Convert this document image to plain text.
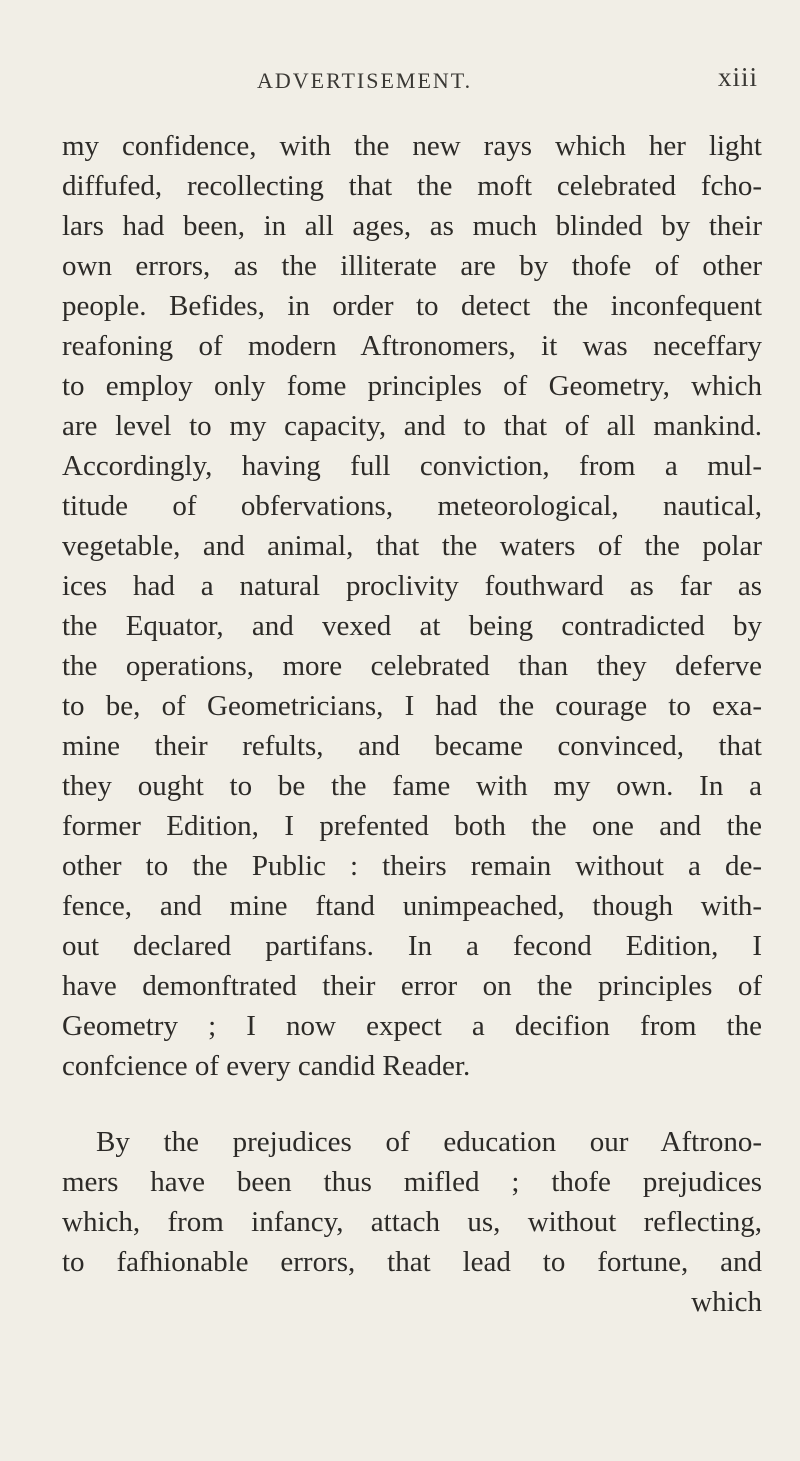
ADVERTISEMENT.	xiii
my confidence, with the new rays which her light
diffufed, recollecting that the moft celebrated fcho-
lars had been, in all ages, as much blinded by their
own errors, as the illiterate are by thofe of other
people. Befides, in order to detect the inconfequent
reafoning of modern Aftronomers, it was neceffary
to employ only fome principles of Geometry, which
are level to my capacity, and to that of all mankind.
Accordingly, having full conviction, from a mul-
titude of obfervations, meteorological, nautical,
vegetable, and animal, that the waters of the polar
ices had a natural proclivity fouthward as far as
the Equator, and vexed at being contradicted by
the operations, more celebrated than they deferve
to be, of Geometricians, I had the courage to exa-
mine their refults, and became convinced, that
they ought to be the fame with my own. In a
former Edition, I prefented both the one and the
other to the Public : theirs remain without a de-
fence, and mine ftand unimpeached, though with-
out declared partifans. In a fecond Edition, I
have demonftrated their error on the principles of
Geometry ; I now expect a decifion from the
confcience of every candid Reader.
By the prejudices of education our Aftrono-
mers have been thus mifled ; thofe prejudices
which, from infancy, attach us, without reflecting,
to fafhionable errors, that lead to fortune, and
which
